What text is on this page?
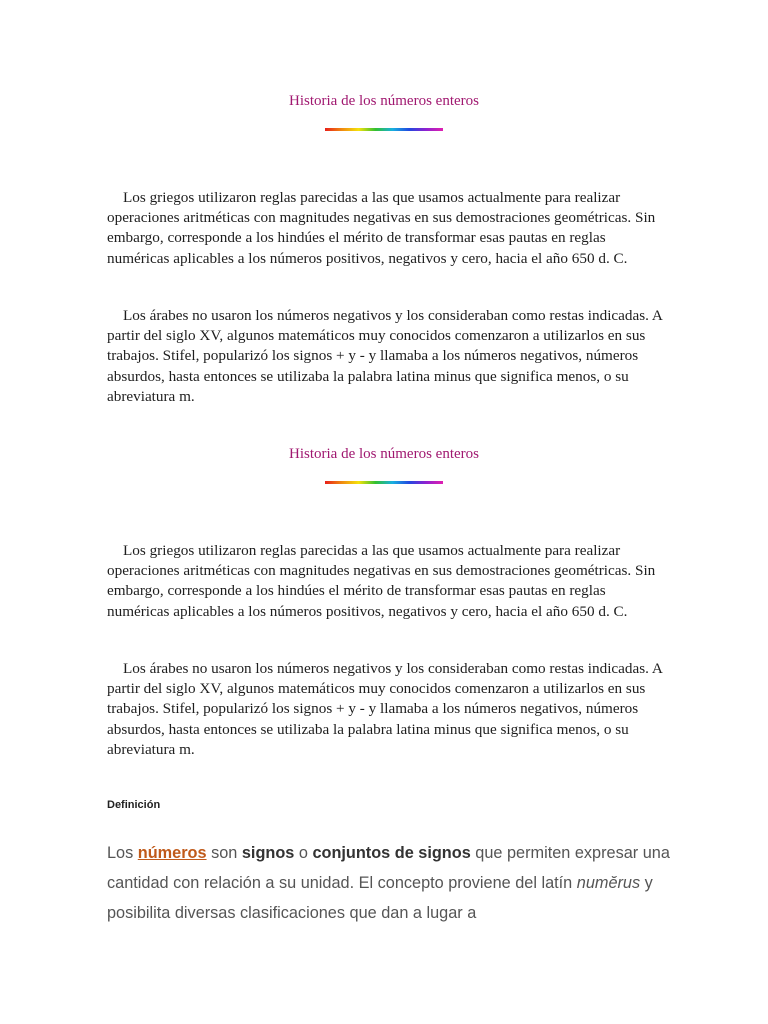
Historia de los números enteros

Los griegos utilizaron reglas parecidas a las que usamos actualmente para realizar operaciones aritméticas con magnitudes negativas en sus demostraciones geométricas. Sin embargo, corresponde a los hindúes el mérito de transformar esas pautas en reglas numéricas aplicables a los números positivos, negativos y cero, hacia el año 650 d. C.

Los árabes no usaron los números negativos y los consideraban como restas indicadas. A partir del siglo XV, algunos matemáticos muy conocidos comenzaron a utilizarlos en sus trabajos. Stifel, popularizó los signos + y - y llamaba a los números negativos, números absurdos, hasta entonces se utilizaba la palabra latina minus que significa menos, o su abreviatura m.

Historia de los números enteros

Los griegos utilizaron reglas parecidas a las que usamos actualmente para realizar operaciones aritméticas con magnitudes negativas en sus demostraciones geométricas. Sin embargo, corresponde a los hindúes el mérito de transformar esas pautas en reglas numéricas aplicables a los números positivos, negativos y cero, hacia el año 650 d. C.

Los árabes no usaron los números negativos y los consideraban como restas indicadas. A partir del siglo XV, algunos matemáticos muy conocidos comenzaron a utilizarlos en sus trabajos. Stifel, popularizó los signos + y - y llamaba a los números negativos, números absurdos, hasta entonces se utilizaba la palabra latina minus que significa menos, o su abreviatura m.

Definición

Los números son signos o conjuntos de signos que permiten expresar una cantidad con relación a su unidad. El concepto proviene del latín numĕrus y posibilita diversas clasificaciones que dan a lugar a
